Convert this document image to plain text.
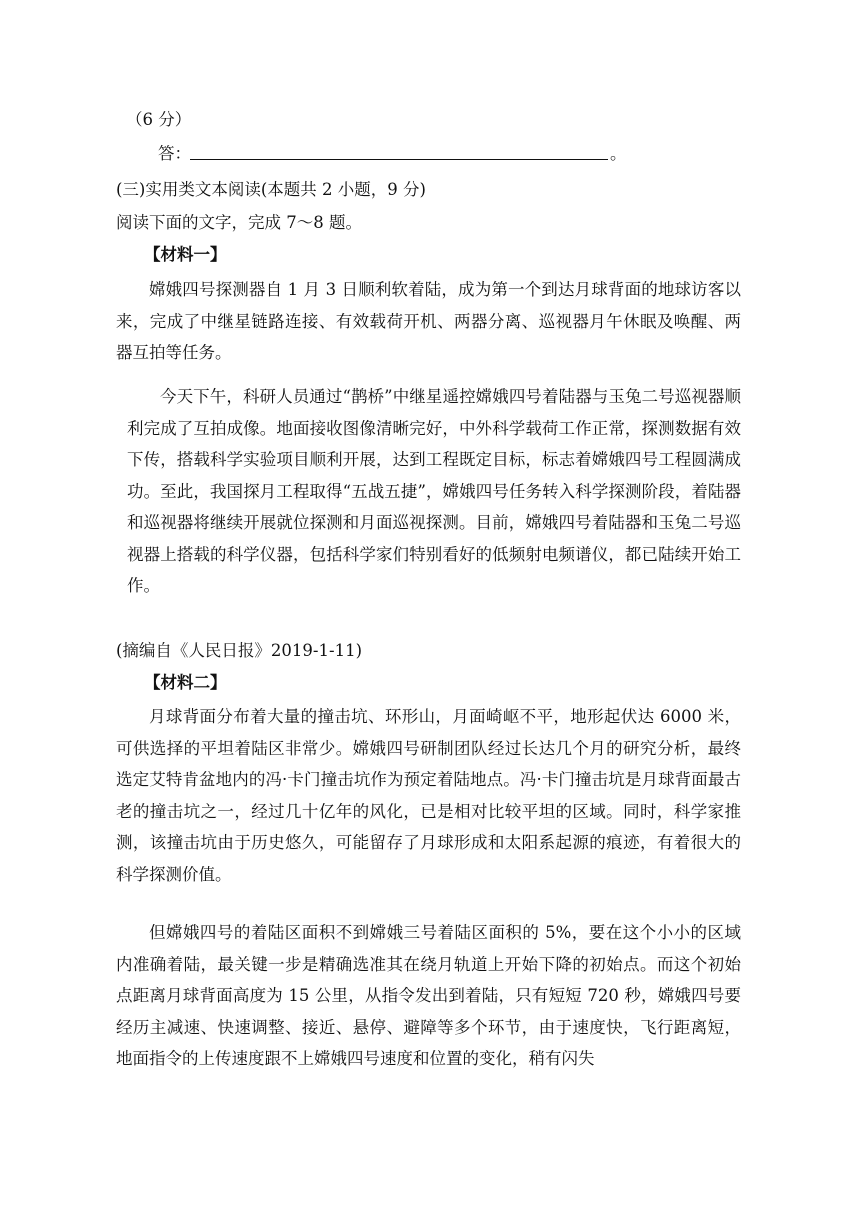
（6 分）
答：	。
(三)实用类文本阅读(本题共 2 小题，9 分)
阅读下面的文字，完成 7～8 题。
【材料一】
嫦娥四号探测器自 1 月 3 日顺利软着陆，成为第一个到达月球背面的地球访客以来，完成了中继星链路连接、有效载荷开机、两器分离、巡视器月午休眠及唤醒、两器互拍等任务。
今天下午，科研人员通过“鹊桥”中继星遥控嫦娥四号着陆器与玉兔二号巡视器顺利完成了互拍成像。地面接收图像清晰完好，中外科学载荷工作正常，探测数据有效下传，搭载科学实验项目顺利开展，达到工程既定目标，标志着嫦娥四号工程圆满成功。至此，我国探月工程取得“五战五捷”，嫦娥四号任务转入科学探测阶段，着陆器和巡视器将继续开展就位探测和月面巡视探测。目前，嫦娥四号着陆器和玉兔二号巡视器上搭载的科学仪器，包括科学家们特别看好的低频射电频谱仪，都已陆续开始工作。
(摘编自《人民日报》2019-1-11)
【材料二】
月球背面分布着大量的撞击坑、环形山，月面崎岖不平，地形起伏达 6000 米，可供选择的平坦着陆区非常少。嫦娥四号研制团队经过长达几个月的研究分析，最终选定艾特肯盆地内的冯·卡门撞击坑作为预定着陆地点。冯·卡门撞击坑是月球背面最古老的撞击坑之一，经过几十亿年的风化，已是相对比较平坦的区域。同时，科学家推测，该撞击坑由于历史悠久，可能留存了月球形成和太阳系起源的痕迹，有着很大的科学探测价值。
但嫦娥四号的着陆区面积不到嫦娥三号着陆区面积的 5%，要在这个小小的区域内准确着陆，最关键一步是精确选准其在绕月轨道上开始下降的初始点。而这个初始点距离月球背面高度为 15 公里，从指令发出到着陆，只有短短 720 秒，嫦娥四号要经历主减速、快速调整、接近、悬停、避障等多个环节，由于速度快，飞行距离短，地面指令的上传速度跟不上嫦娥四号速度和位置的变化，稍有闪失
